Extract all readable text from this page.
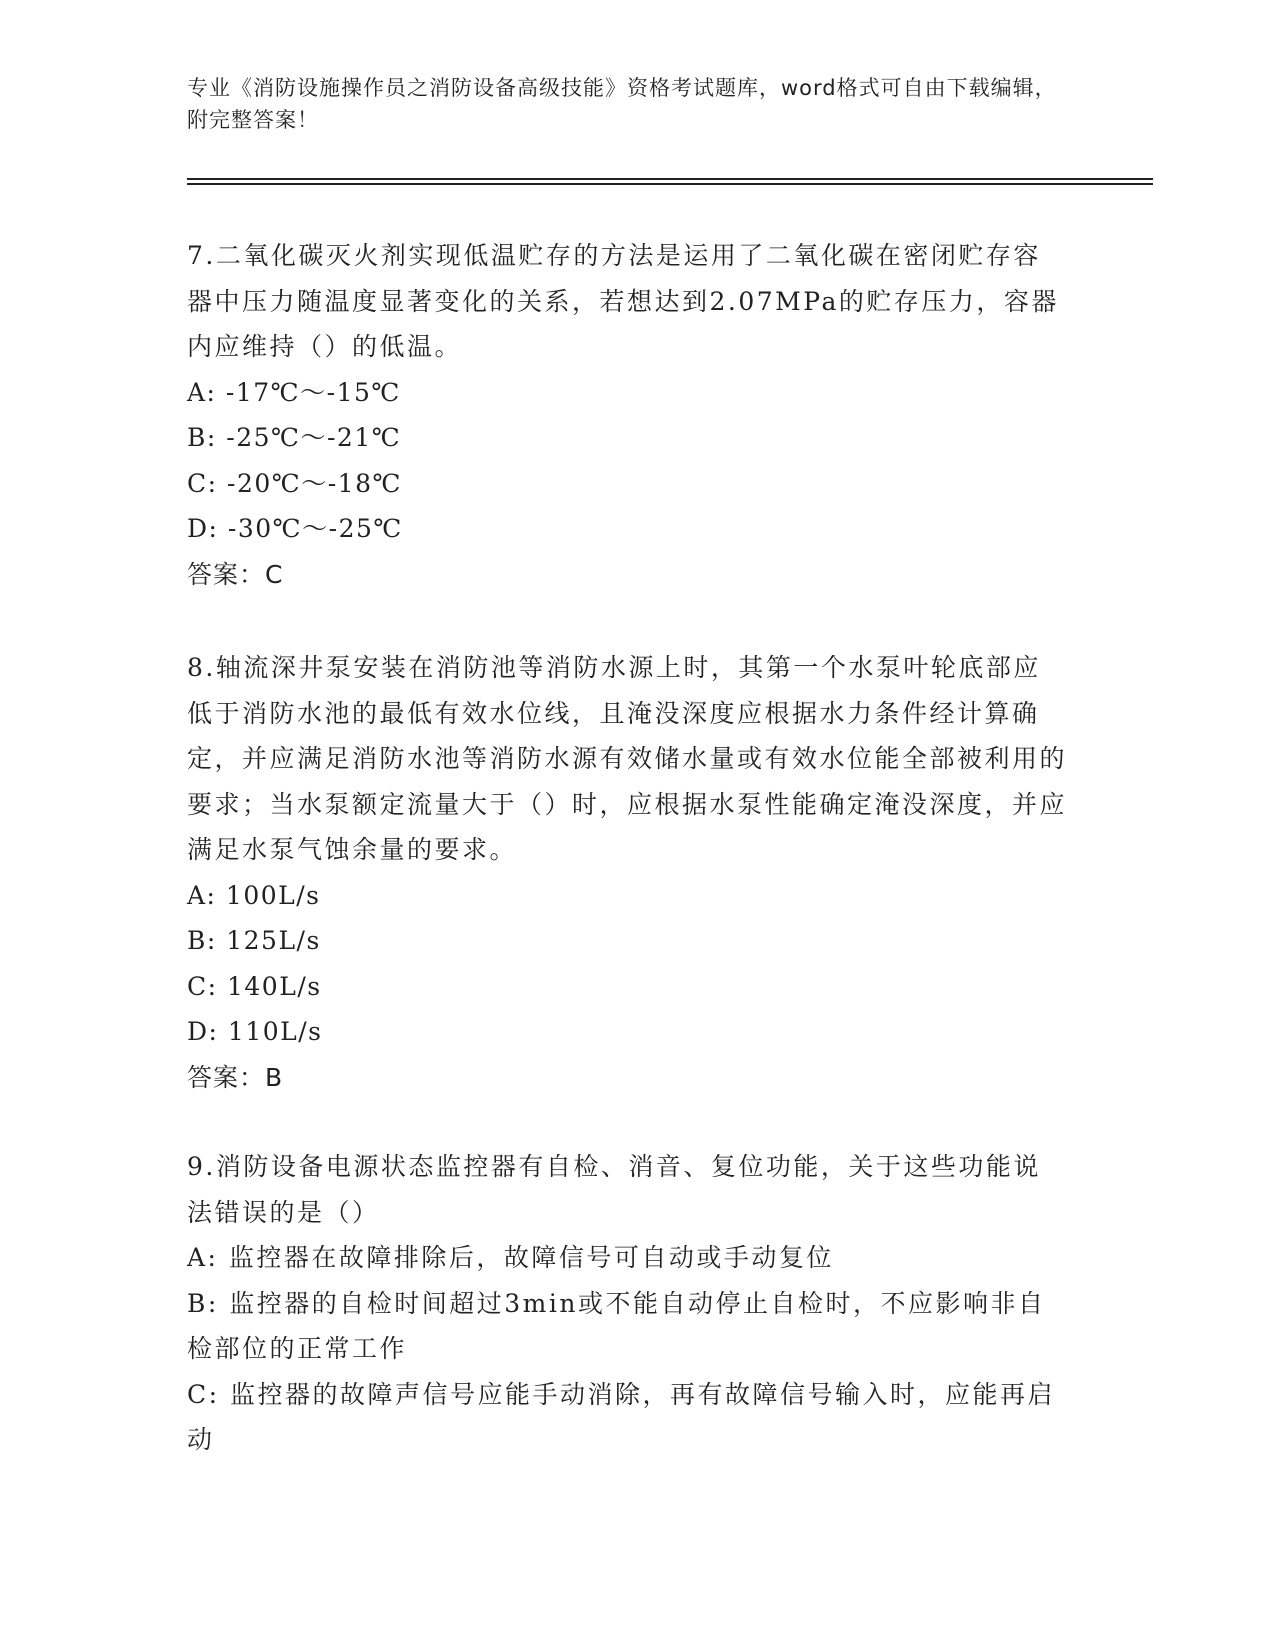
专业《消防设施操作员之消防设备高级技能》资格考试题库，word格式可自由下载编辑，附完整答案！

7.二氧化碳灭火剂实现低温贮存的方法是运用了二氧化碳在密闭贮存容器中压力随温度显著变化的关系，若想达到2.07MPa的贮存压力，容器内应维持（）的低温。

A: -17℃～-15℃

B: -25℃～-21℃

C: -20℃～-18℃

D: -30℃～-25℃

答案：C

8.轴流深井泵安装在消防池等消防水源上时，其第一个水泵叶轮底部应低于消防水池的最低有效水位线，且淹没深度应根据水力条件经计算确定，并应满足消防水池等消防水源有效储水量或有效水位能全部被利用的要求；当水泵额定流量大于（）时，应根据水泵性能确定淹没深度，并应满足水泵气蚀余量的要求。

A: 100L/s

B: 125L/s

C: 140L/s

D: 110L/s

答案：B

9.消防设备电源状态监控器有自检、消音、复位功能，关于这些功能说法错误的是（）

A: 监控器在故障排除后，故障信号可自动或手动复位

B: 监控器的自检时间超过3min或不能自动停止自检时，不应影响非自检部位的正常工作

C: 监控器的故障声信号应能手动消除，再有故障信号输入时，应能再启动
